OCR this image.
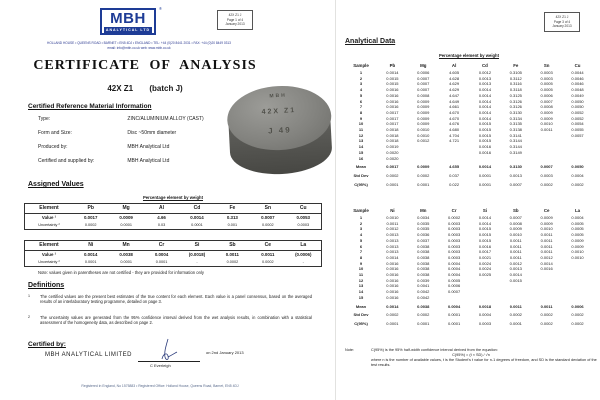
MBH
ANALYTICAL LTD
®
42X Z1 J
Page 1 of 4
January 2013
HOLLAND HOUSE • QUEENS ROAD • BARNET • EN5 4DJ • ENGLAND • TEL: +44 (0)20 8441 2031 • FAX: +44 (0)20 8449 0313
email: info@mbh.co.uk web: www.mbh.co.uk
CERTIFICATE OF ANALYSIS
42X Z1 (batch J)
Certified Reference Material Information
Type:	ZINC/ALUMINIUM ALLOY (CAST)
Form and Size:	Disc ~50mm diameter
Produced by:	MBH Analytical Ltd
Certified and supplied by:	MBH Analytical Ltd
MBH
42X Z1
J 49
Assigned Values
Percentage element by weight
Element	Pb	Mg	Al	Cd	Fe	Sn	Cu
Value ¹	0.0017	0.0009	4.66	0.0014	0.313	0.0007	0.0053
Uncertainty ²	0.0002	0.0001	0.03	0.0001	0.001	0.0002	0.0003
Element	Ni	Mn	Cr	Si	Sb	Ce	La
Value ¹	0.0014	0.0038	0.0004	(0.0018)	0.0011	0.0011	(0.0006)
Uncertainty ²	0.0001	0.0001	0.0001	-	0.0002	0.0002	-
Note: values given in parentheses are not certified - they are provided for information only
Definitions
1 The certified values are the present best estimates of the true content for each element. Each value is a panel consensus, based on the averaged results of an interlaboratory testing programme, detailed on page 3.
2 The uncertainty values are generated from the 95% confidence interval derived from the wet analysis results, in combination with a statistical assessment of the homogeneity data, as described on page 2.
Certified by:
MBH ANALYTICAL LIMITED	on 2nd January 2013
C Everleigh
Registered in England, No 1575883 • Registered Office: Holland House, Queens Road, Barnet, EN5 4DJ
42X Z1 J
Page 3 of 4
January 2013
Analytical Data
Percentage element by weight
Sample	Pb	Mg	Al	Cd	Fe	Sn	Cu
1	0.0014	0.0006	4.605	0.0012	0.3105	0.0003	0.0044
2	0.0015	0.0007	4.628	0.0013	0.3112	0.0003	0.0046
3	0.0015	0.0007	4.629	0.0013	0.3116	0.0005	0.0046
4	0.0016	0.0007	4.629	0.0014	0.3118	0.0005	0.0048
5	0.0016	0.0008	4.647	0.0014	0.3125	0.0006	0.0049
6	0.0016	0.0009	4.649	0.0014	0.3126	0.0007	0.0050
7	0.0016	0.0009	4.661	0.0014	0.3126	0.0008	0.0050
8	0.0017	0.0009	4.670	0.0014	0.3130	0.0009	0.0052
9	0.0017	0.0009	4.670	0.0014	0.3134	0.0009	0.0052
10	0.0017	0.0009	4.676	0.0015	0.3135	0.0010	0.0054
11	0.0018	0.0010	4.680	0.0015	0.3138	0.0011	0.0055
12	0.0018	0.0010	4.704	0.0015	0.3141		0.0057
13	0.0018	0.0012	4.721	0.0015	0.3144		
14	0.0019			0.0016	0.3144		
15	0.0020			0.0016	0.3149		
16	0.0020						
Mean	0.0017	0.0009	4.655	0.0014	0.3130	0.0007	0.0050
Std Dev	0.0002	0.0002	0.037	0.0001	0.0013	0.0003	0.0004
C(95%)	0.0001	0.0001	0.022	0.0001	0.0007	0.0002	0.0002
Sample	Ni	Mn	Cr	Si	Sb	Ce	La
1	0.0010	0.0034	0.0002	0.0014	0.0007	0.0009	0.0004
2	0.0011	0.0035	0.0003	0.0014	0.0008	0.0009	0.0005
3	0.0012	0.0035	0.0003	0.0015	0.0009	0.0010	0.0005
4	0.0013	0.0036	0.0003	0.0015	0.0010	0.0011	0.0005
5	0.0013	0.0037	0.0003	0.0015	0.0011	0.0011	0.0009
6	0.0013	0.0038	0.0003	0.0016	0.0011	0.0011	0.0009
7	0.0013	0.0038	0.0003	0.0017	0.0011	0.0011	0.0010
8	0.0014	0.0038	0.0003	0.0021	0.0011	0.0012	0.0010
9	0.0016	0.0038	0.0004	0.0024	0.0012	0.0014	
10	0.0016	0.0038	0.0004	0.0024	0.0013	0.0016	
11	0.0016	0.0038	0.0004	0.0025	0.0014		
12	0.0016	0.0039	0.0005		0.0015		
13	0.0016	0.0041	0.0006				
14	0.0016	0.0042	0.0007				
15	0.0016	0.0042					
Mean	0.0014	0.0038	0.0004	0.0018	0.0011	0.0011	0.0006
Std Dev	0.0002	0.0002	0.0001	0.0004	0.0002	0.0002	0.0002
C(95%)	0.0001	0.0001	0.0001	0.0003	0.0001	0.0002	0.0002
Note:	C(95%) is the 95% half-width confidence interval derived from the equation:
C(95%) = (t × SD) / √n
where n is the number of available values, t is the Student's t value for n-1 degrees of freedom, and SD is the standard deviation of the test results.
